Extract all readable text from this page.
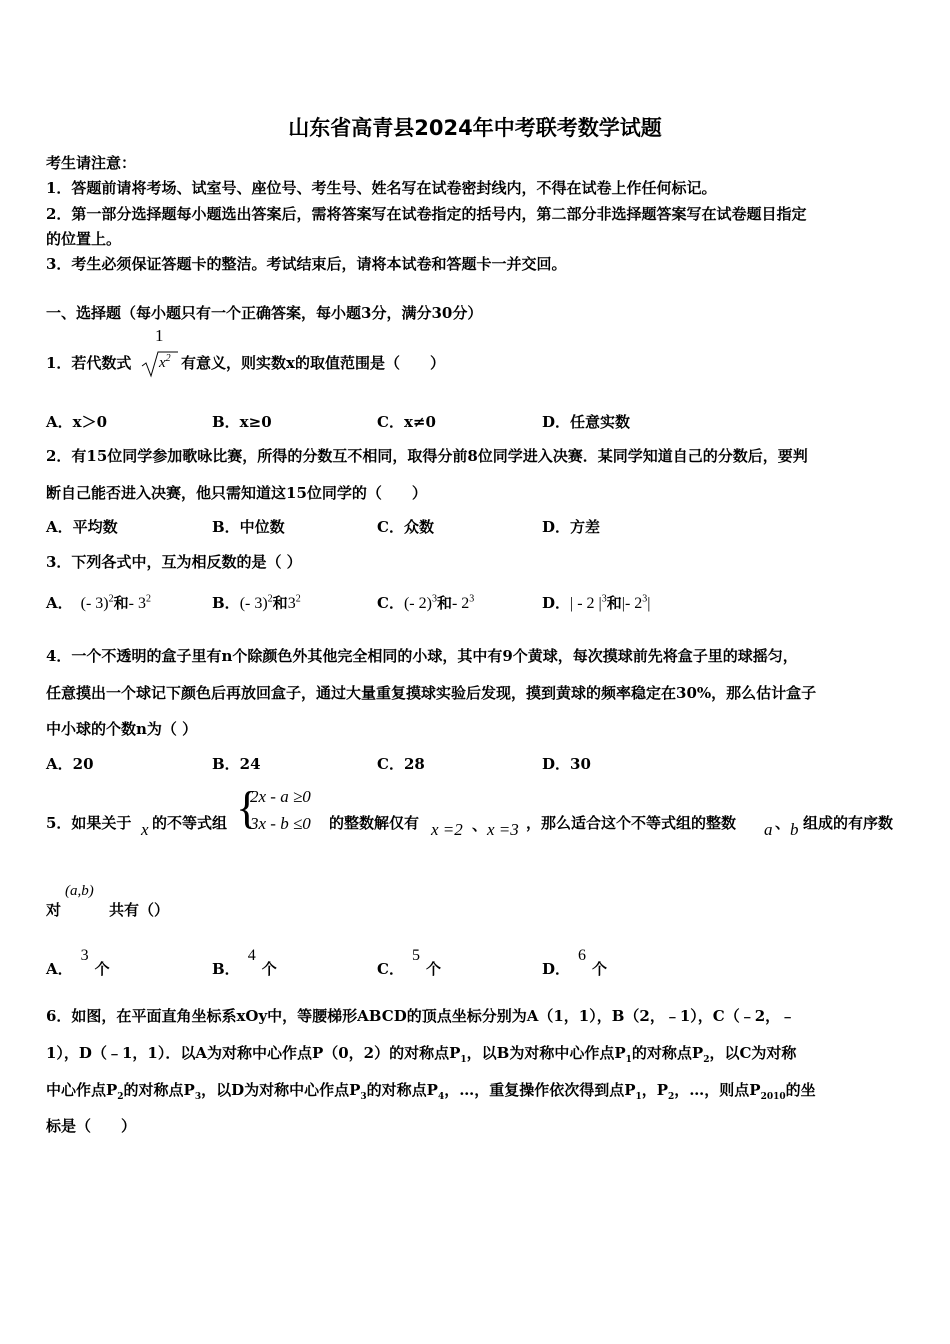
山东省高青县2024年中考联考数学试题
考生请注意：
1．答题前请将考场、试室号、座位号、考生号、姓名写在试卷密封线内，不得在试卷上作任何标记。
2．第一部分选择题每小题选出答案后，需将答案写在试卷指定的括号内，第二部分非选择题答案写在试卷题目指定
的位置上。
3．考生必须保证答题卡的整洁。考试结束后，请将本试卷和答题卡一并交回。
一、选择题（每小题只有一个正确答案，每小题3分，满分30分）
1．若代数式
1
$x^2$ 有意义，则实数x的取值范围是（　　）
A．x＞0	B．x≥0	C．x≠0	D．任意实数
2．有15位同学参加歌咏比赛，所得的分数互不相同，取得分前8位同学进入决赛．某同学知道自己的分数后，要判
断自己能否进入决赛，他只需知道这15位同学的（　　）
A．平均数	B．中位数	C．众数	D．方差
3．下列各式中，互为相反数的是（ ）
A． (- 3)$^2$和- $3^2$	B．(- 3)$^2$和$3^2$	C．(- 2)$^3$和- $2^3$	D．| - 2 $|^3$和|- $2^3|$
4．一个不透明的盒子里有n个除颜色外其他完全相同的小球，其中有9个黄球，每次摸球前先将盒子里的球摇匀，
任意摸出一个球记下颜色后再放回盒子，通过大量重复摸球实验后发现，摸到黄球的频率稳定在30%，那么估计盒子
中小球的个数n为（ ）
A．20	B．24	C．28	D．30
5．如果关于 x 的不等式组 {
2x - a ≥0
3x - b ≤0 的整数解仅有 x =2 、 x =3 ，那么适合这个不等式组的整数 a 、 b 组成的有序数
对
(a,b)
共有（）
A．3个	B．4个	C．5个	D．6个
6．如图，在平面直角坐标系xOy中，等腰梯形ABCD的顶点坐标分别为A（1，1），B（2，﹣1），C（﹣2，﹣
1），D（﹣1，1）．以A为对称中心作点P（0，2）的对称点$P_1$，以B为对称中心作点$P_1$的对称点$P_2$，以C为对称
中心作点$P_2$的对称点$P_3$，以D为对称中心作点$P_3$的对称点$P_4$，…，重复操作依次得到点$P_1$，$P_2$，…，则点$P_{2010}$的坐
标是（　　）
